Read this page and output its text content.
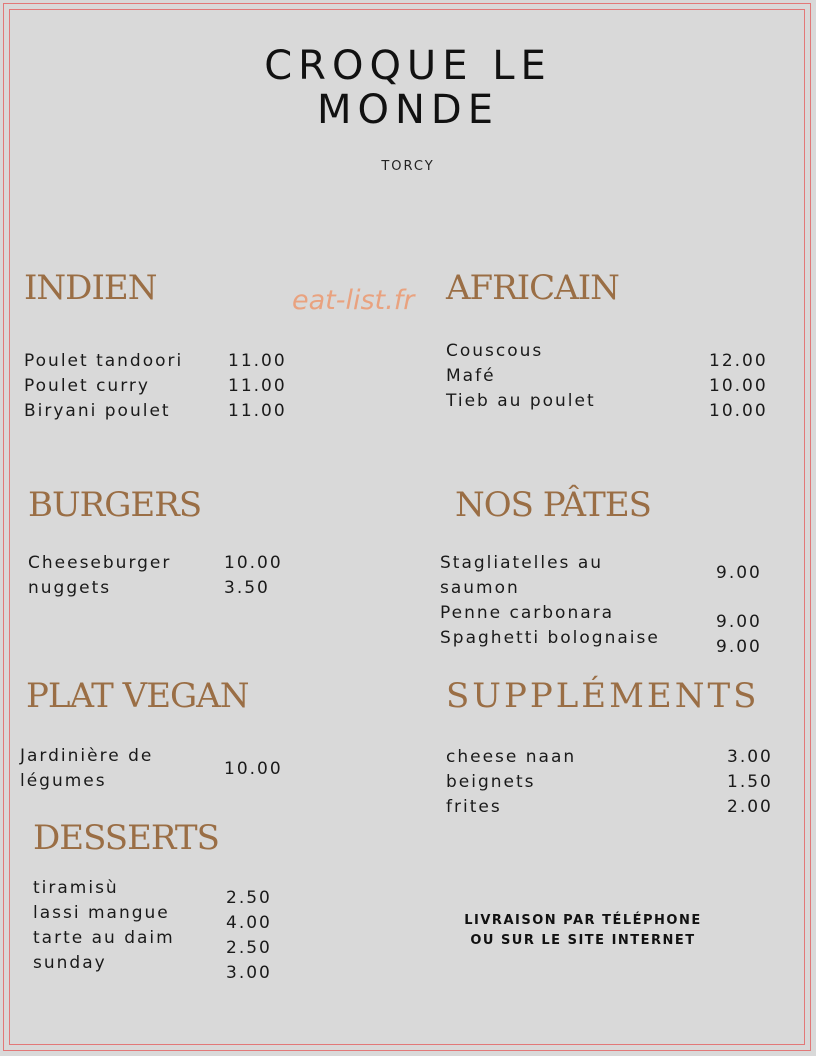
CROQUE LE
MONDE
TORCY
eat-list.fr
INDIEN
Poulet tandoori
Poulet curry
Biryani poulet
11.00
11.00
11.00
AFRICAIN
Couscous
Mafé
Tieb au poulet
12.00
10.00
10.00
BURGERS
Cheeseburger
nuggets
10.00
3.50
NOS PÂTES
Stagliatelles au
saumon
Penne carbonara
Spaghetti bolognaise
9.00
9.00
9.00
PLAT VEGAN
Jardinière de
légumes
10.00
SUPPLÉMENTS
cheese naan
beignets
frites
3.00
1.50
2.00
DESSERTS
tiramisù
lassi mangue
tarte au daim
sunday
2.50
4.00
2.50
3.00
LIVRAISON PAR TÉLÉPHONE
OU SUR LE SITE INTERNET
